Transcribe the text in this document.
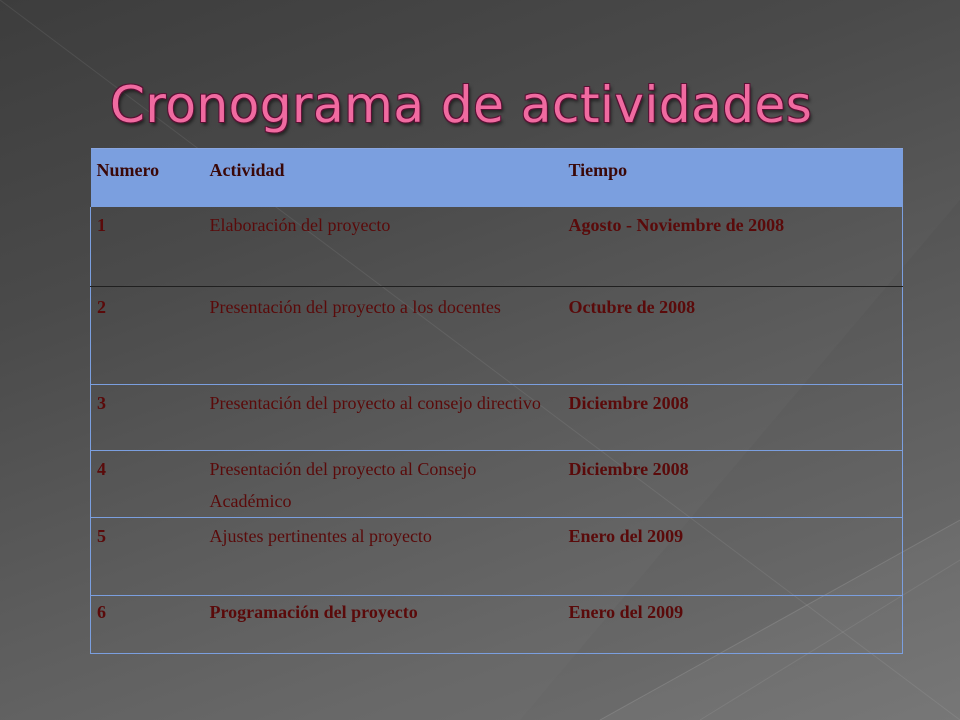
Cronograma de actividades
Numero	Actividad	Tiempo
1	Elaboración del proyecto	Agosto - Noviembre de 2008
2	Presentación del proyecto a los docentes	Octubre de 2008
3	Presentación del proyecto al consejo directivo	Diciembre 2008
4	Presentación del proyecto al Consejo Académico	Diciembre 2008
5	Ajustes pertinentes al proyecto	Enero del 2009
6	Programación del proyecto	Enero del 2009
